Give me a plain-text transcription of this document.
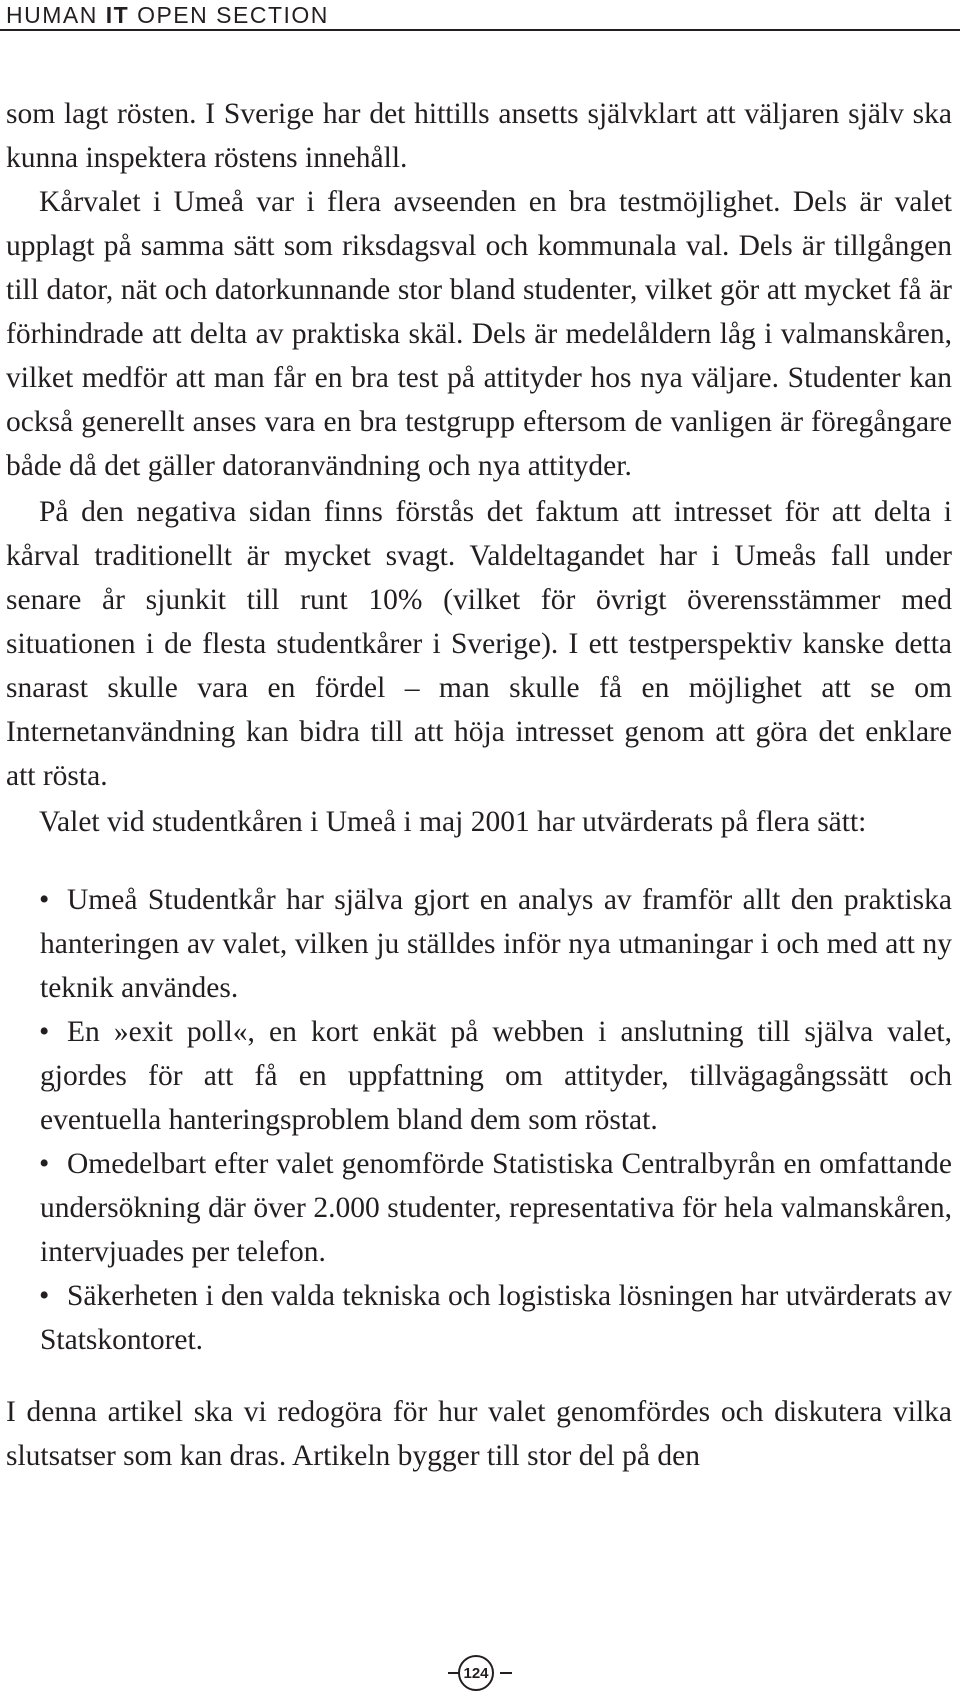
HUMAN IT OPEN SECTION

som lagt rösten. I Sverige har det hittills ansetts självklart att väljaren själv ska kunna inspektera röstens innehåll.

Kårvalet i Umeå var i flera avseenden en bra testmöjlighet. Dels är valet upplagt på samma sätt som riksdagsval och kommunala val. Dels är tillgången till dator, nät och datorkunnande stor bland studenter, vilket gör att mycket få är förhindrade att delta av praktiska skäl. Dels är medelåldern låg i valmanskåren, vilket medför att man får en bra test på attityder hos nya väljare. Studenter kan också generellt anses vara en bra testgrupp eftersom de vanligen är föregångare både då det gäller datoranvändning och nya attityder.

På den negativa sidan finns förstås det faktum att intresset för att delta i kårval traditionellt är mycket svagt. Valdeltagandet har i Umeås fall under senare år sjunkit till runt 10% (vilket för övrigt överensstämmer med situationen i de flesta studentkårer i Sverige). I ett testperspektiv kanske detta snarast skulle vara en fördel – man skulle få en möjlighet att se om Internetanvändning kan bidra till att höja intresset genom att göra det enklare att rösta.

Valet vid studentkåren i Umeå i maj 2001 har utvärderats på flera sätt:

• Umeå Studentkår har själva gjort en analys av framför allt den praktiska hanteringen av valet, vilken ju ställdes inför nya utmaningar i och med att ny teknik användes.
• En »exit poll«, en kort enkät på webben i anslutning till själva valet, gjordes för att få en uppfattning om attityder, tillvägagångssätt och eventuella hanteringsproblem bland dem som röstat.
• Omedelbart efter valet genomförde Statistiska Centralbyrån en omfattande undersökning där över 2.000 studenter, representativa för hela valmanskåren, intervjuades per telefon.
• Säkerheten i den valda tekniska och logistiska lösningen har utvärderats av Statskontoret.

I denna artikel ska vi redogöra för hur valet genomfördes och diskutera vilka slutsatser som kan dras. Artikeln bygger till stor del på den

124
